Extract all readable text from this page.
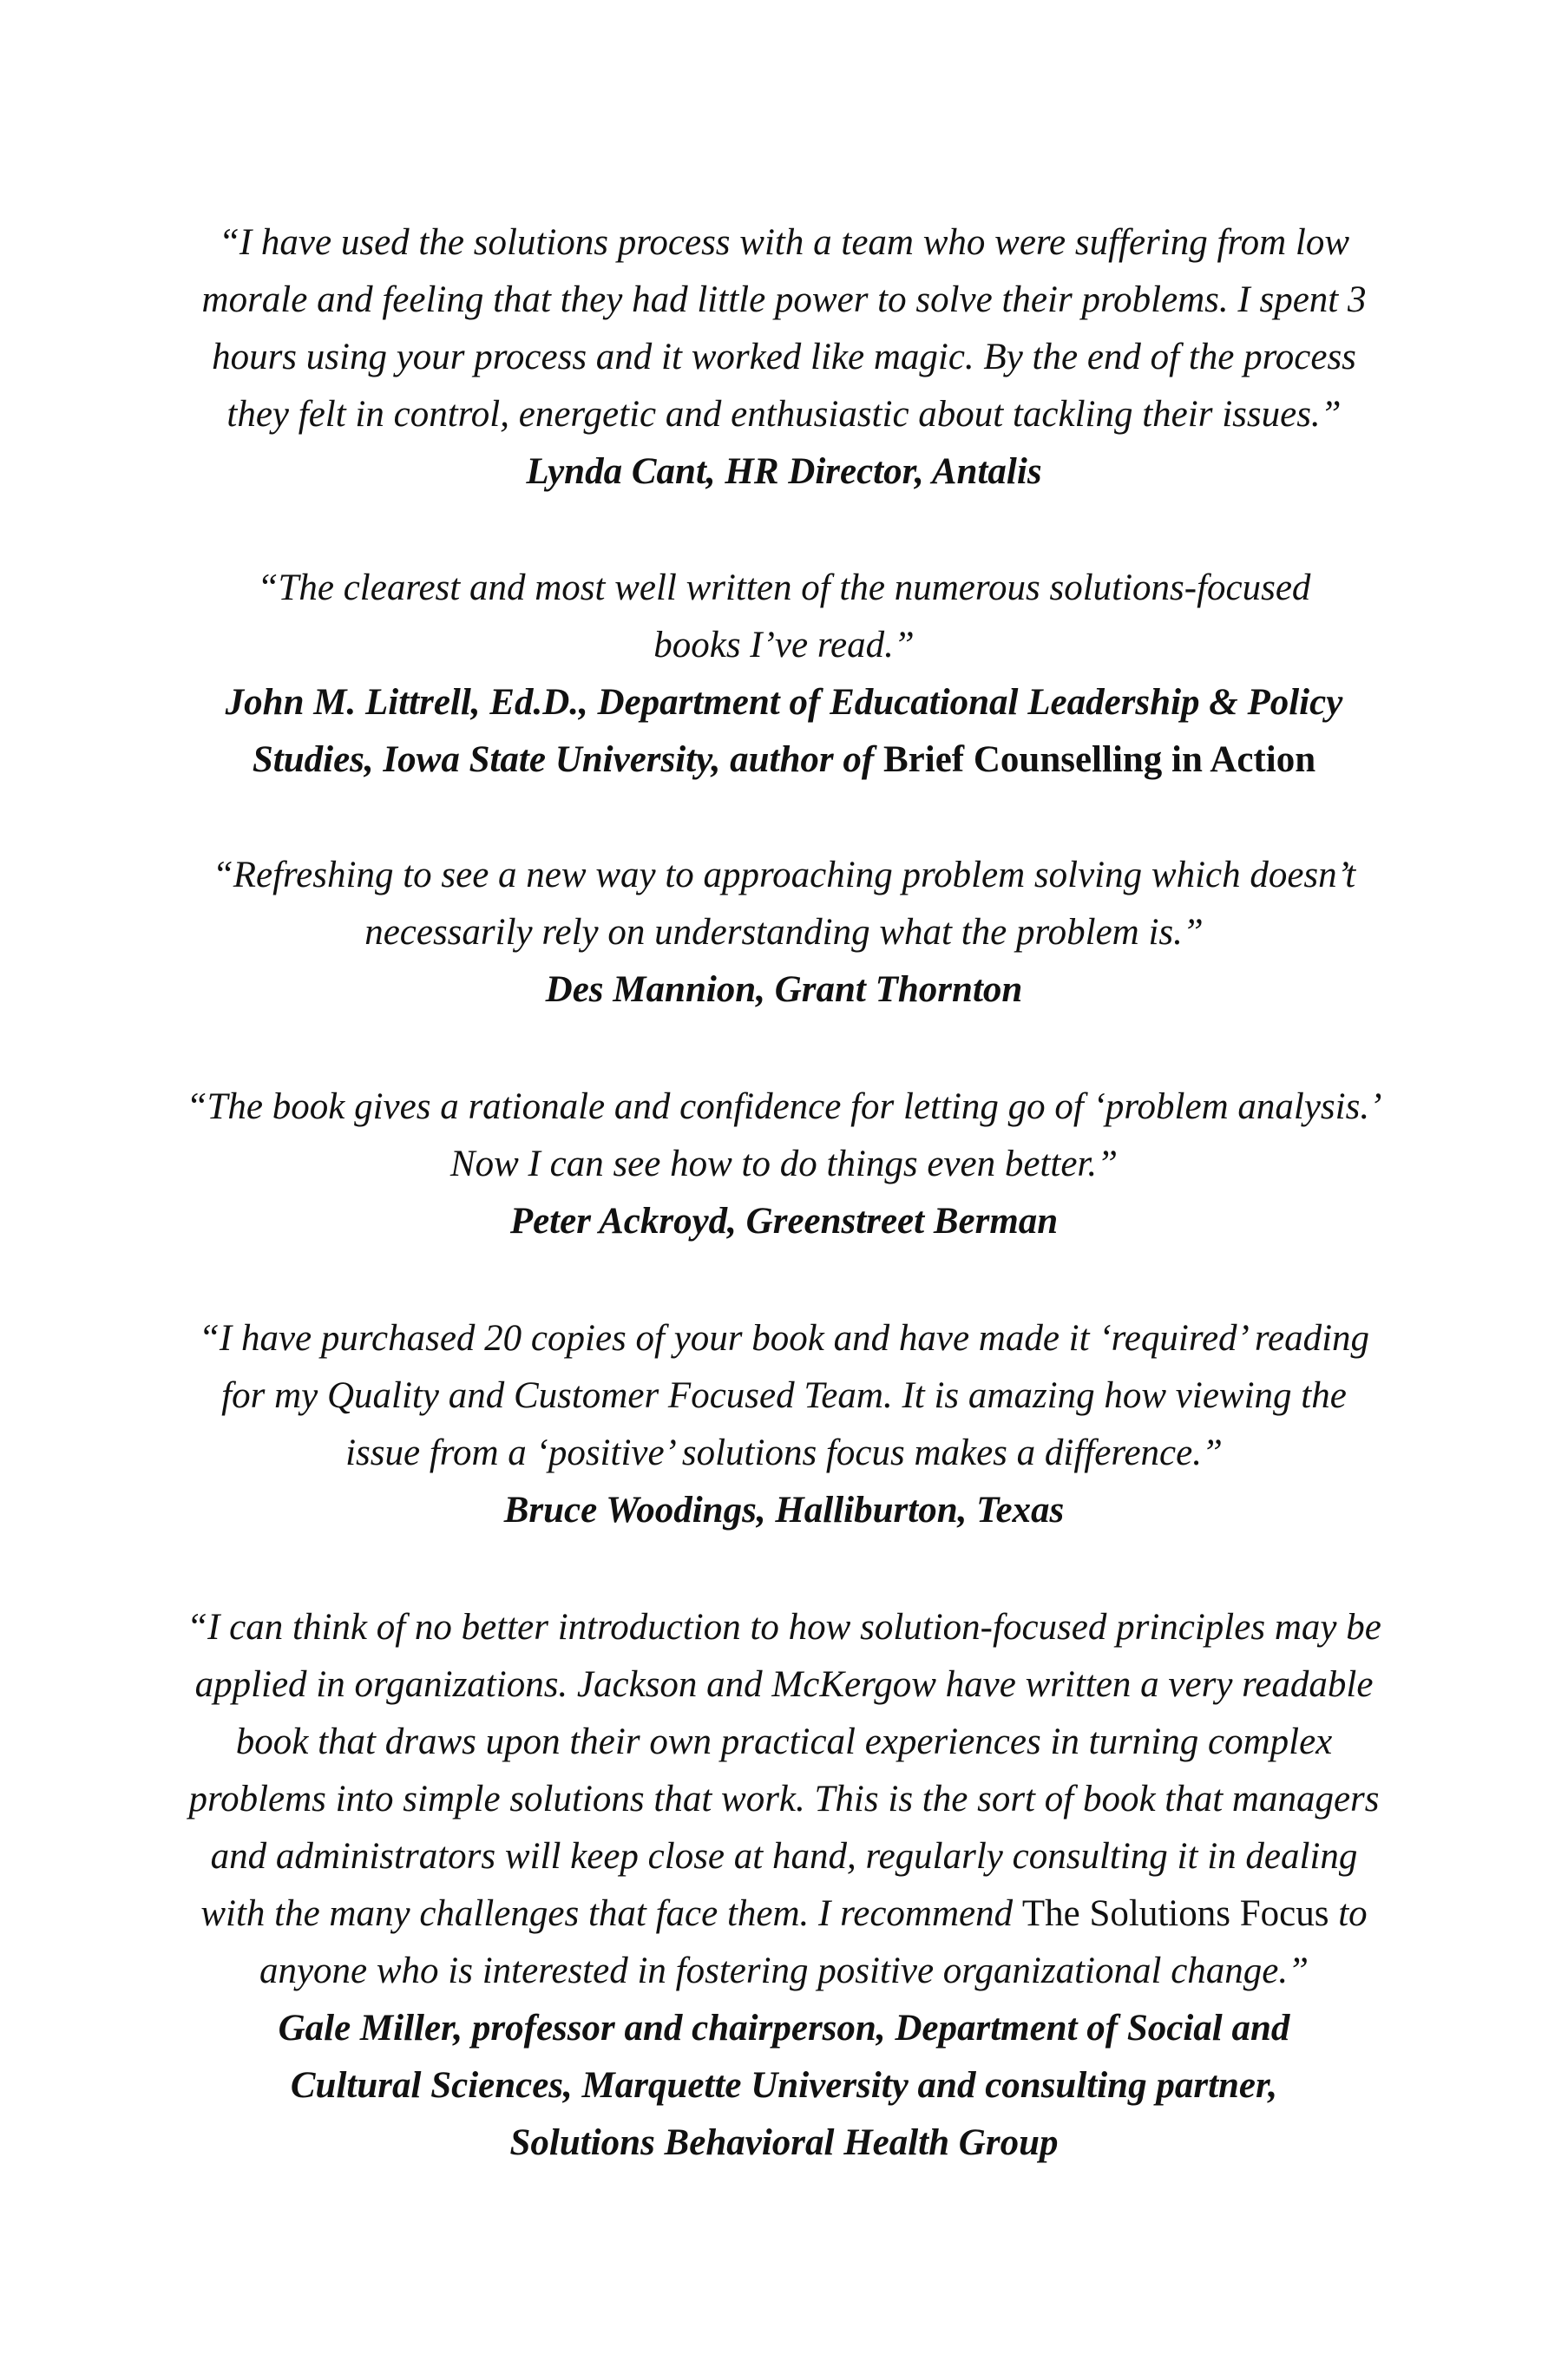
“I have used the solutions process with a team who were suffering from low
morale and feeling that they had little power to solve their problems. I spent 3
hours using your process and it worked like magic. By the end of the process
they felt in control, energetic and enthusiastic about tackling their issues.”

Lynda Cant, HR Director, Antalis

“The clearest and most well written of the numerous solutions-focused
books I’ve read.”

John M. Littrell, Ed.D., Department of Educational Leadership & Policy
Studies, Iowa State University, author of Brief Counselling in Action

“Refreshing to see a new way to approaching problem solving which doesn’t
necessarily rely on understanding what the problem is.”

Des Mannion, Grant Thornton

“The book gives a rationale and confidence for letting go of ‘problem analysis.’
Now I can see how to do things even better.”

Peter Ackroyd, Greenstreet Berman

“I have purchased 20 copies of your book and have made it ‘required’ reading
for my Quality and Customer Focused Team. It is amazing how viewing the
issue from a ‘positive’ solutions focus makes a difference.”

Bruce Woodings, Halliburton, Texas

“I can think of no better introduction to how solution-focused principles may be
applied in organizations. Jackson and McKergow have written a very readable
book that draws upon their own practical experiences in turning complex
problems into simple solutions that work. This is the sort of book that managers
and administrators will keep close at hand, regularly consulting it in dealing
with the many challenges that face them. I recommend The Solutions Focus to
anyone who is interested in fostering positive organizational change.”

Gale Miller, professor and chairperson, Department of Social and
Cultural Sciences, Marquette University and consulting partner,
Solutions Behavioral Health Group
